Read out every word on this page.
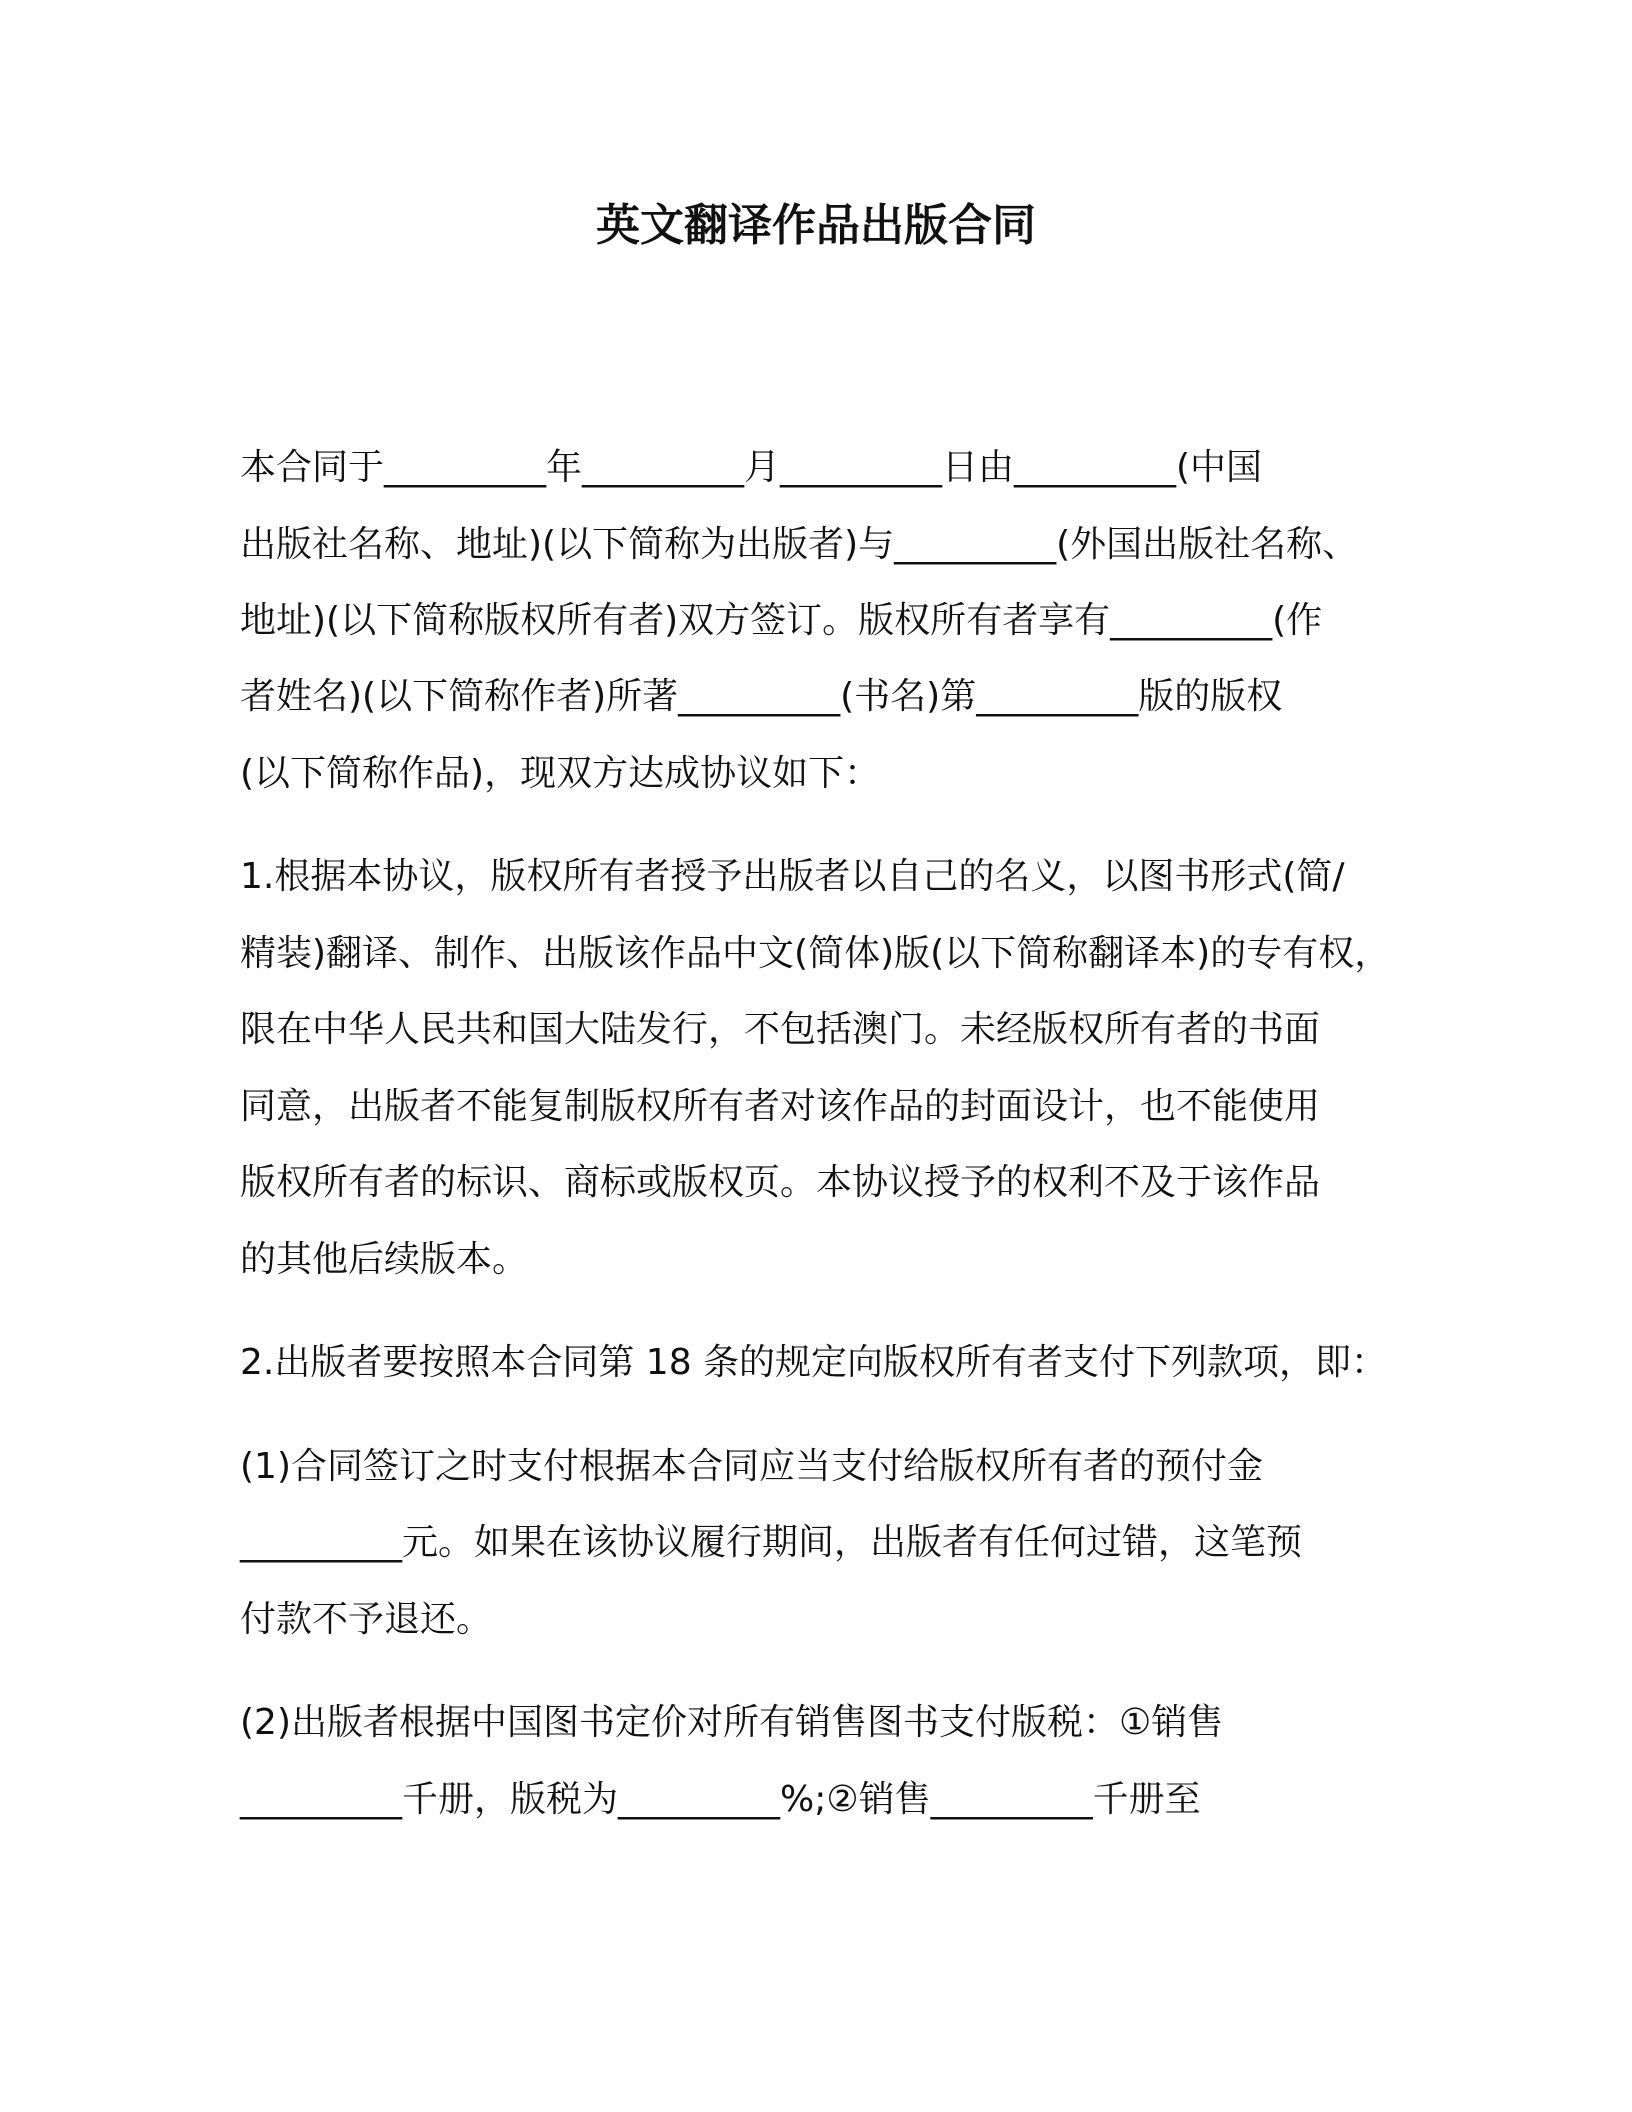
英文翻译作品出版合同
本合同于_________年_________月_________日由_________(中国
出版社名称、地址)(以下简称为出版者)与_________(外国出版社名称、
地址)(以下简称版权所有者)双方签订。版权所有者享有_________(作
者姓名)(以下简称作者)所著_________(书名)第_________版的版权
(以下简称作品)，现双方达成协议如下：
1.根据本协议，版权所有者授予出版者以自己的名义，以图书形式(简/
精装)翻译、制作、出版该作品中文(简体)版(以下简称翻译本)的专有权，
限在中华人民共和国大陆发行，不包括澳门。未经版权所有者的书面
同意，出版者不能复制版权所有者对该作品的封面设计，也不能使用
版权所有者的标识、商标或版权页。本协议授予的权利不及于该作品
的其他后续版本。
2.出版者要按照本合同第 18 条的规定向版权所有者支付下列款项，即：
(1)合同签订之时支付根据本合同应当支付给版权所有者的预付金
_________元。如果在该协议履行期间，出版者有任何过错，这笔预
付款不予退还。
(2)出版者根据中国图书定价对所有销售图书支付版税：①销售
_________千册，版税为_________%;②销售_________千册至
